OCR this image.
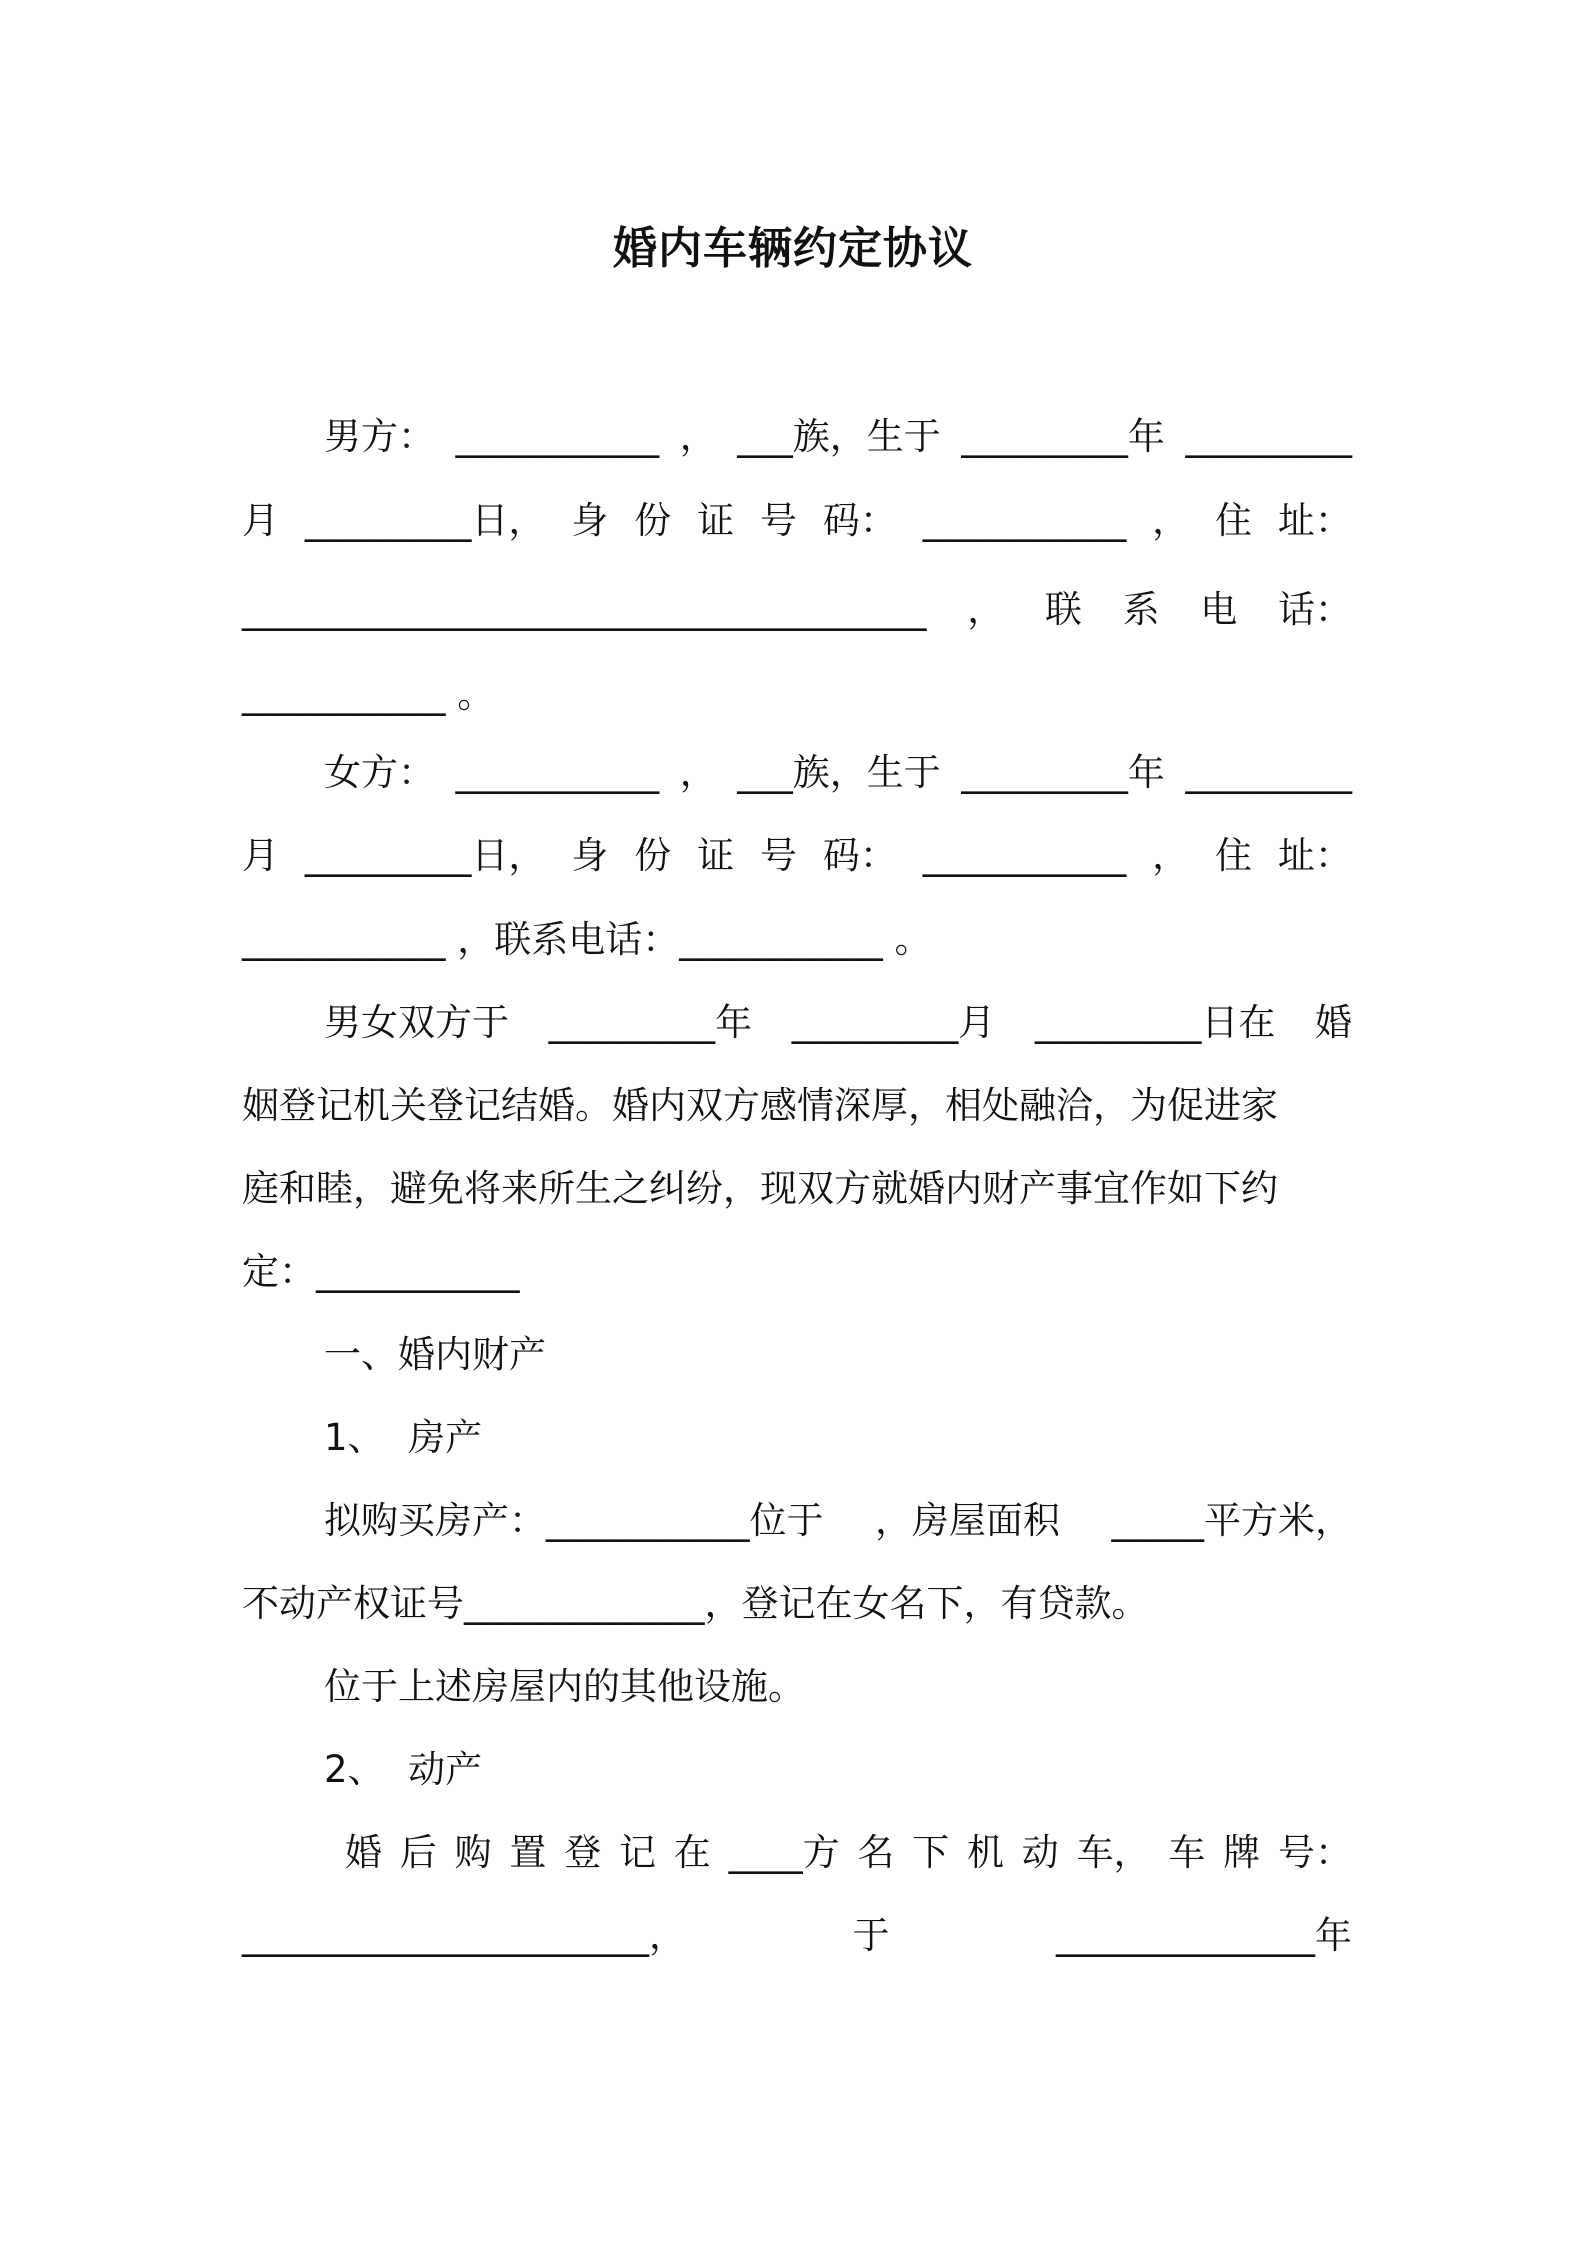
婚内车辆约定协议
男方： ___________ ， ___族，生于 _________年 _________
月 _________日， 身 份 证 号 码： ___________ ， 住 址：
_____________________________________ ， 联 系 电 话：
___________ 。
女方： ___________ ， ___族，生于 _________年 _________
月 _________日， 身 份 证 号 码： ___________ ， 住 址：
___________ ，联系电话：___________ 。
男女双方于 _________年 _________月 _________日在 婚
姻登记机关登记结婚。婚内双方感情深厚，相处融洽，为促进家
庭和睦，避免将来所生之纠纷，现双方就婚内财产事宜作如下约
定：___________
一、婚内财产
1、  房产
拟购买房产：___________位于 ，房屋面积 _____平方米，
不动产权证号_____________，登记在女名下，有贷款。
位于上述房屋内的其他设施。
2、  动产
婚 后 购 置 登 记 在 ____方 名 下 机 动 车， 车 牌 号：
______________________，	于	______________年
